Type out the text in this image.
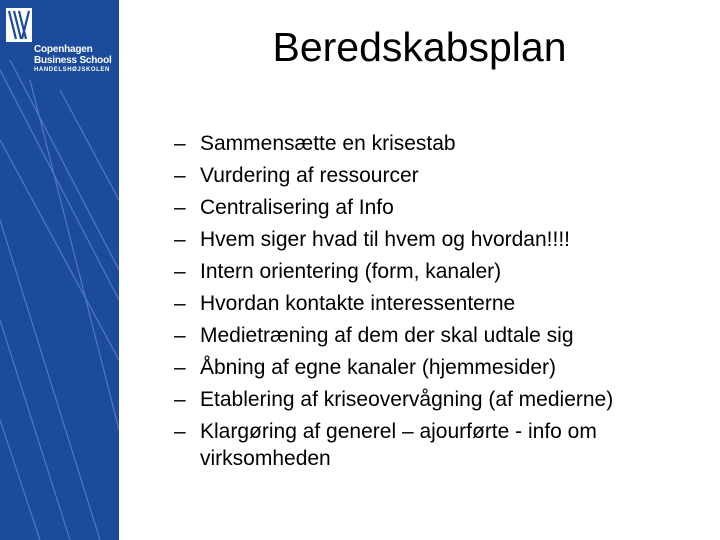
Copenhagen
Business School
HANDELSHØJSKOLEN	Beredskabsplan
– Sammensætte en krisestab
– Vurdering af ressourcer
– Centralisering af Info
– Hvem siger hvad til hvem og hvordan!!!!
– Intern orientering (form, kanaler)
– Hvordan kontakte interessenterne
– Medietræning af dem der skal udtale sig
– Åbning af egne kanaler (hjemmesider)
– Etablering af kriseovervågning (af medierne)
– Klargøring af generel – ajourførte - info om virksomheden
